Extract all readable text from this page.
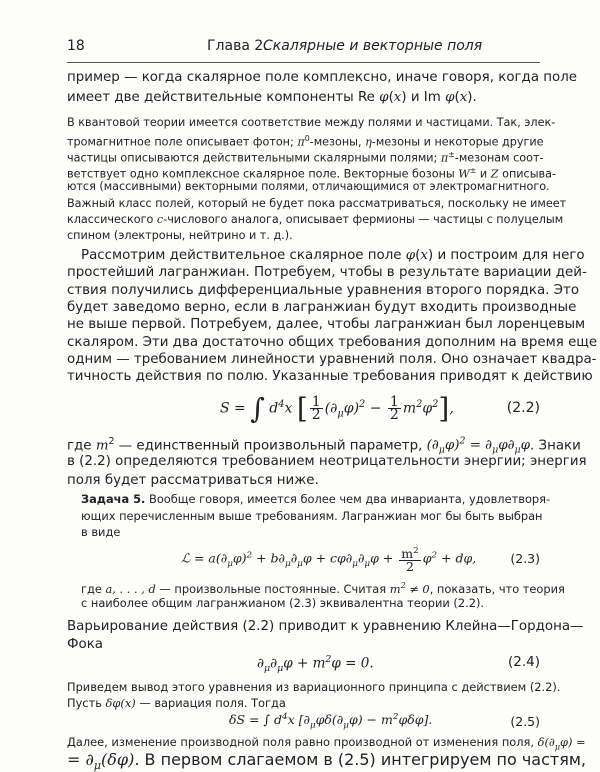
18	Глава 2.
Скалярные и векторные поля
пример — когда скалярное поле комплексно, иначе говоря, когда поле
имеет две действительные компоненты Re φ(x) и Im φ(x).
В квантовой теории имеется соответствие между полями и частицами. Так, элек-
тромагнитное поле описывает фотон; $\pi^0$-мезоны, η-мезоны и некоторые другие
частицы описываются действительными скалярными полями; π±-мезонам соот-
ветствует одно комплексное скалярное поле. Векторные бозоны W± и Z описыва-
ются (массивными) векторными полями, отличающимися от электромагнитного.
Важный класс полей, который не будет пока рассматриваться, поскольку не имеет
классического c-числового аналога, описывает фермионы — частицы с полуцелым
спином (электроны, нейтрино и т. д.).
Рассмотрим действительное скалярное поле φ(x) и построим для него
простейший лагранжиан. Потребуем, чтобы в результате вариации дей-
ствия получились дифференциальные уравнения второго порядка. Это
будет заведомо верно, если в лагранжиан будут входить производные
не выше первой. Потребуем, далее, чтобы лагранжиан был лоренцевым
скаляром. Эти два достаточно общих требования дополним на время еще
одним — требованием линейности уравнений поля. Оно означает квадра-
тичность действия по полю. Указанные требования приводят к действию
S = ∫ $d^4x$ [ $\frac{1}{2} (\partial_\mu\varphi)^2 - \frac{1}{2} m^2\varphi^2$],	(2.2)
где $m^2$ — единственный произвольный параметр, $(\partial_\mu\varphi)^2 = \partial_\mu\varphi\partial_\mu\varphi$. Знаки
в (2.2) определяются требованием неотрицательности энергии; энергия
поля будет рассматриваться ниже.
Задача 5. Вообще говоря, имеется более чем два инварианта, удовлетворя-
ющих перечисленным выше требованиям. Лагранжиан мог бы быть выбран
в виде
ℒ = $a(\partial_\mu\varphi)^2 + b\partial_\mu\partial_\mu\varphi + c\varphi\partial_\mu\partial_\mu\varphi + \frac{m^2}{2} \varphi^2 + d\varphi$,	(2.3)
где a, . . . , d — произвольные постоянные. Считая $m^2 \ne 0$, показать, что теория
с наиболее общим лагранжианом (2.3) эквивалентна теории (2.2).
Варьирование действия (2.2) приводит к уравнению Клейна—Гордона—
Фока
$\partial_\mu\partial_\mu\varphi + m^2\varphi = 0$.	(2.4)
Приведем вывод этого уравнения из вариационного принципа с действием (2.2).
Пусть δφ(x) — вариация поля. Тогда
δS = ∫ $d^4x$ $[\partial_\mu\varphi\delta(\partial_\mu\varphi) - m^2\varphi\delta\varphi]$.	(2.5)
Далее, изменение производной поля равно производной от изменения поля, $\delta(\partial_\mu\varphi)$ =
= $\partial_\mu(\delta\varphi)$. В первом слагаемом в (2.5) интегрируем по частям,
